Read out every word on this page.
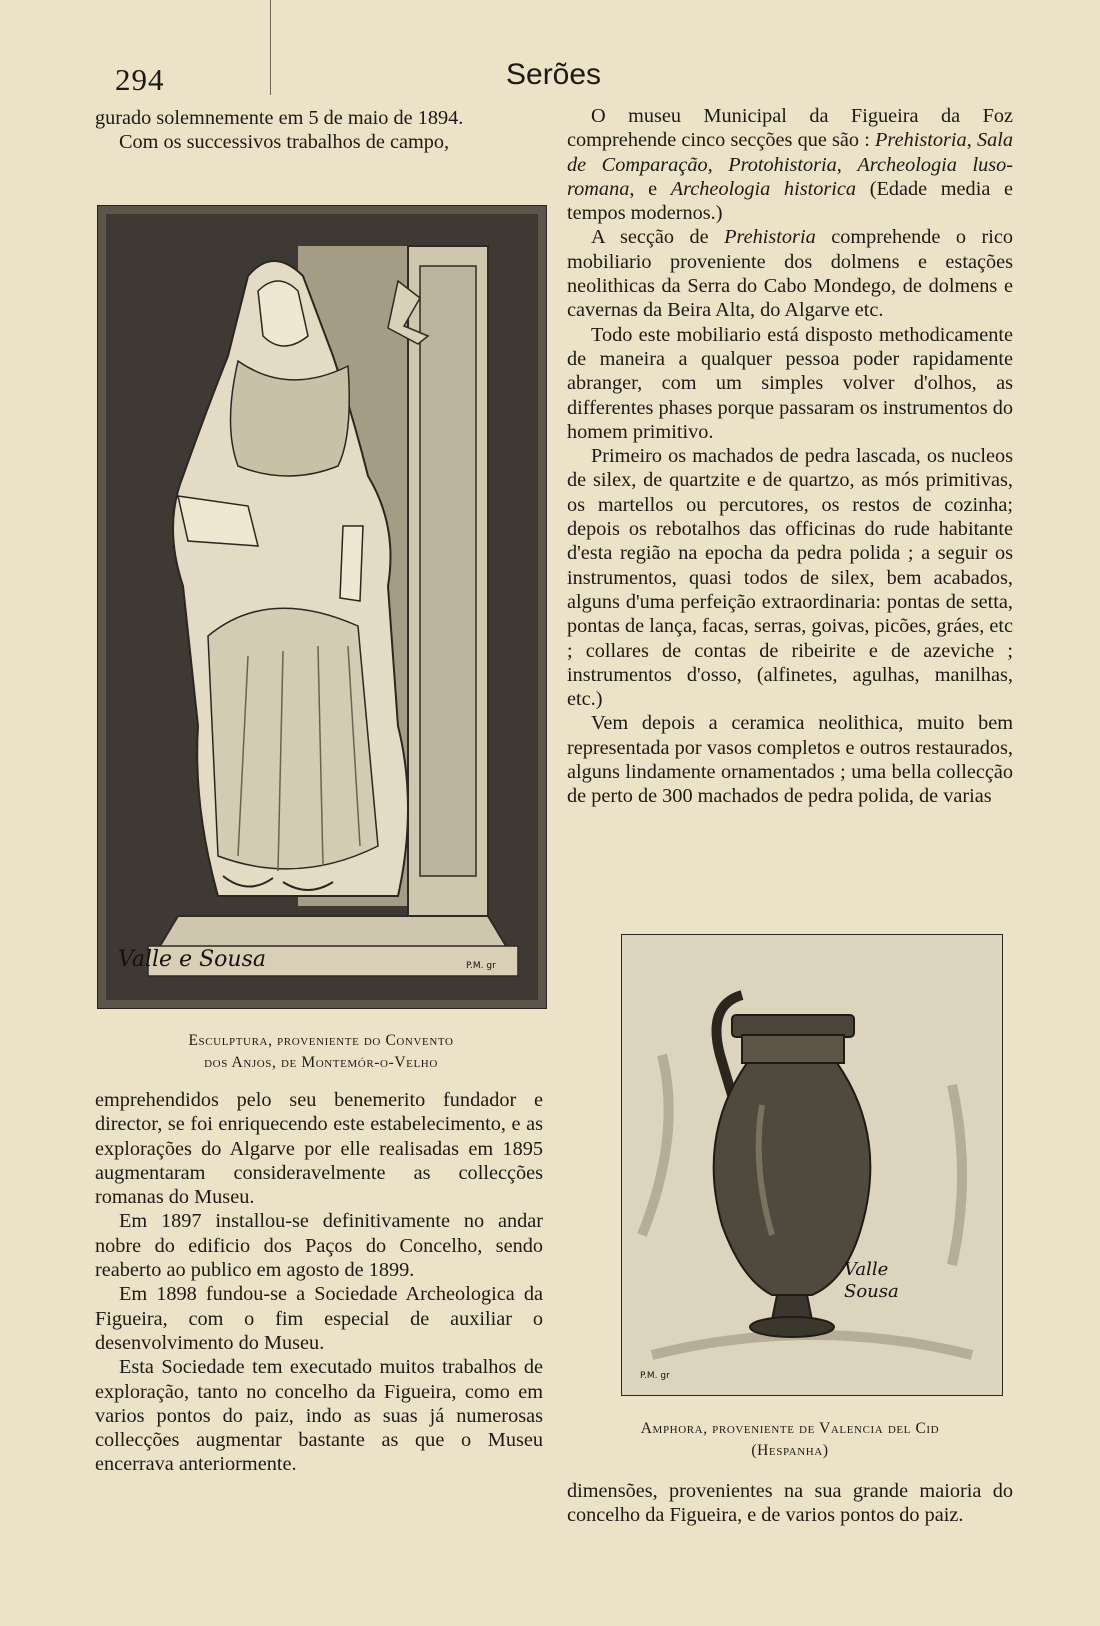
294	Serões

gurado solemnemente em 5 de maio de 1894.

Com os successivos trabalhos de campo,

Valle e Sousa	P.M. gr
Esculptura, proveniente do Convento
dos Anjos, de Montemór-o-Velho

emprehendidos pelo seu benemerito fundador e director, se foi enriquecendo este estabelecimento, e as explorações do Algarve por elle realisadas em 1895 augmentaram consideravelmente as collecções romanas do Museu.

Em 1897 installou-se definitivamente no andar nobre do edificio dos Paços do Concelho, sendo reaberto ao publico em agosto de 1899.

Em 1898 fundou-se a Sociedade Archeologica da Figueira, com o fim especial de auxiliar o desenvolvimento do Museu.

Esta Sociedade tem executado muitos trabalhos de exploração, tanto no concelho da Figueira, como em varios pontos do paiz, indo as suas já numerosas collecções augmentar bastante as que o Museu encerrava anteriormente.

O museu Municipal da Figueira da Foz comprehende cinco secções que são : Prehistoria, Sala de Comparação, Protohistoria, Archeologia luso-romana, e Archeologia historica (Edade media e tempos modernos.)

A secção de Prehistoria comprehende o rico mobiliario proveniente dos dolmens e estações neolithicas da Serra do Cabo Mondego, de dolmens e cavernas da Beira Alta, do Algarve etc.

Todo este mobiliario está disposto methodicamente de maneira a qualquer pessoa poder rapidamente abranger, com um simples volver d'olhos, as differentes phases porque passaram os instrumentos do homem primitivo.

Primeiro os machados de pedra lascada, os nucleos de silex, de quartzite e de quartzo, as mós primitivas, os martellos ou percutores, os restos de cozinha; depois os rebotalhos das officinas do rude habitante d'esta região na epocha da pedra polida ; a seguir os instrumentos, quasi todos de silex, bem acabados, alguns d'uma perfeição extraordinaria: pontas de setta, pontas de lança, facas, serras, goivas, picões, gráes, etc ; collares de contas de ribeirite e de azeviche ; instrumentos d'osso, (alfinetes, agulhas, manilhas, etc.)

Vem depois a ceramica neolithica, muito bem representada por vasos completos e outros restaurados, alguns lindamente ornamentados ; uma bella collecção de perto de 300 machados de pedra polida, de varias

Valle
Sousa
P.M. gr
Amphora, proveniente de Valencia del Cid
(Hespanha)

dimensões, provenientes na sua grande maioria do concelho da Figueira, e de varios pontos do paiz.
